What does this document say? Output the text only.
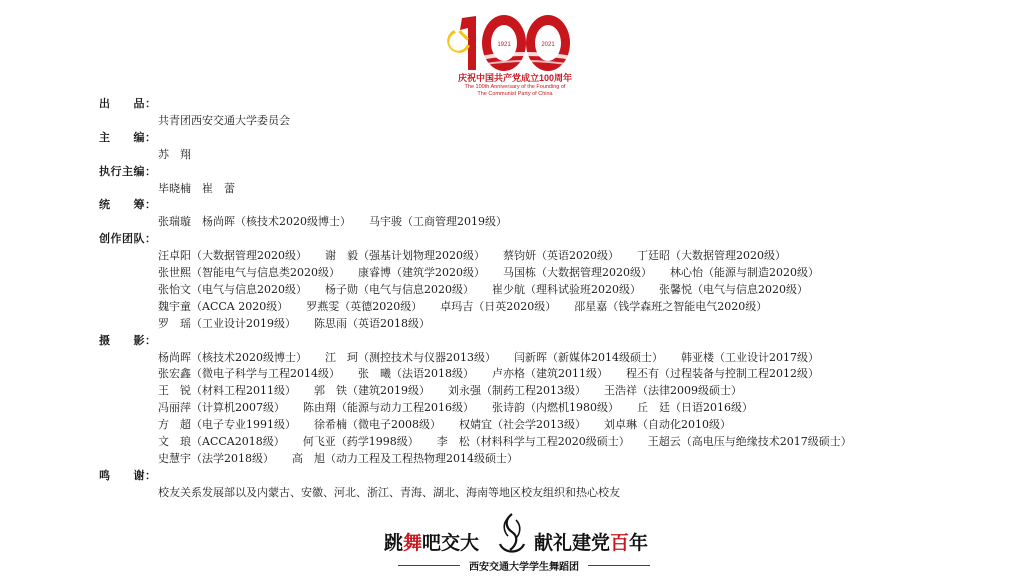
1921	2021
庆祝中国共产党成立100周年
The 100th Anniversary of the Founding of
The Communist Party of China
出　　品：
共青团西安交通大学委员会
主　　编：
苏　翔
执行主编：
毕晓楠　崔　蕾
统　　筹：
张瑞璇　杨尚晖（核技术2020级博士） 马宇骏（工商管理2019级）
创作团队：
汪卓阳（大数据管理2020级） 谢　毅（强基计划物理2020级） 蔡钧妍（英语2020级） 丁廷昭（大数据管理2020级）
张世熙（智能电气与信息类2020级） 康睿博（建筑学2020级） 马国栋（大数据管理2020级） 林心怡（能源与制造2020级）
张怡文（电气与信息2020级） 杨子勋（电气与信息2020级） 崔少航（理科试验班2020级） 张馨悦（电气与信息2020级）
魏宇童（ACCA 2020级） 罗燕雯（英德2020级） 卓玛吉（日英2020级） 邵星嘉（钱学森班之智能电气2020级）
罗　瑶（工业设计2019级） 陈思雨（英语2018级）
摄　　影：
杨尚晖（核技术2020级博士） 江　珂（测控技术与仪器2013级） 闫新晖（新媒体2014级硕士） 韩亚楼（工业设计2017级）
张宏鑫（微电子科学与工程2014级） 张　曦（法语2018级） 卢亦格（建筑2011级） 程丕有（过程装备与控制工程2012级）
王　锐（材料工程2011级） 郭　铁（建筑2019级） 刘永强（制药工程2013级） 王浩祥（法律2009级硕士）
冯丽萍（计算机2007级） 陈由翔（能源与动力工程2016级） 张诗韵（内燃机1980级） 丘　廷（日语2016级）
方　超（电子专业1991级） 徐希楠（微电子2008级） 权婧宜（社会学2013级） 刘卓琳（自动化2010级）
文　琅（ACCA2018级） 何飞亚（药学1998级） 李　松（材料科学与工程2020级硕士） 王超云（高电压与绝缘技术2017级硕士）
史慧宇（法学2018级） 高　旭（动力工程及工程热物理2014级硕士）
鸣　　谢：
校友关系发展部以及内蒙古、安徽、河北、浙江、青海、湖北、海南等地区校友组织和热心校友
跳舞吧交大	献礼建党百年
西安交通大学学生舞蹈团
